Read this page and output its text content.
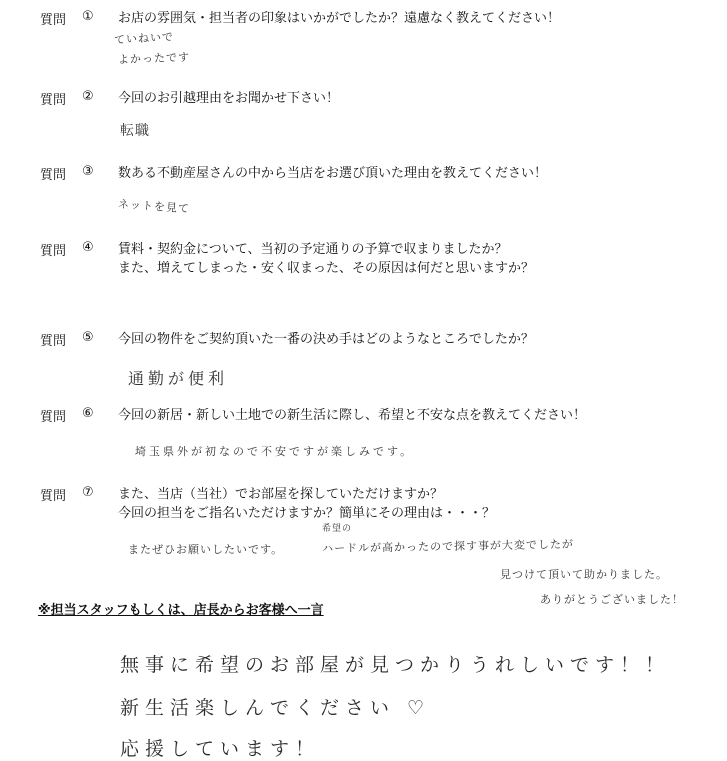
質問 ① お店の雰囲気・担当者の印象はいかがでしたか？遠慮なく教えてください！
ていねいで
よかったです
質問 ② 今回のお引越理由をお聞かせ下さい！
転職
質問 ③ 数ある不動産屋さんの中から当店をお選び頂いた理由を教えてください！
ネットを見て
質問 ④ 賃料・契約金について、当初の予定通りの予算で収まりましたか？
また、増えてしまった・安く収まった、その原因は何だと思いますか？
質問 ⑤ 今回の物件をご契約頂いた一番の決め手はどのようなところでしたか？
通勤が便利
質問 ⑥ 今回の新居・新しい土地での新生活に際し、希望と不安な点を教えてください！
埼玉県外が初なので不安ですが楽しみです。
質問 ⑦ また、当店（当社）でお部屋を探していただけますか？
今回の担当をご指名いただけますか？簡単にその理由は・・・？
またぜひお願いしたいです。
希望の
ハードルが高かったので探す事が大変でしたが
見つけて頂いて助かりました。
ありがとうございました！
※担当スタッフもしくは、店長からお客様へ一言
無事に希望のお部屋が見つかりうれしいです！！
新生活楽しんでください ♡
応援しています！
